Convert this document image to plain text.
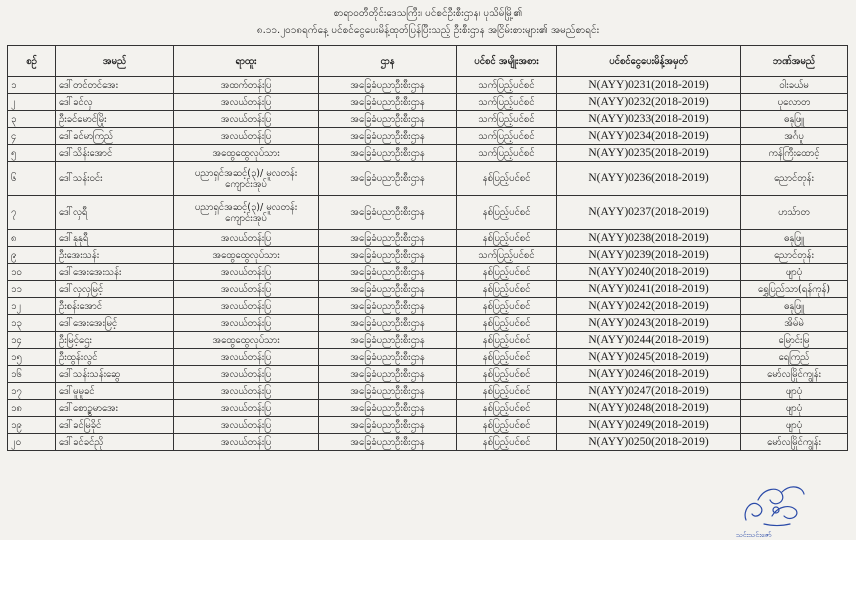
စာရာဝတီတိုင်းဒေသကြီး၊ ပင်စင်ဦးစီးဌာန၊ ပုသိမ်မြို့၏
၈.၁၁.၂၀၁၈ရက်နေ့ ပင်စင်ငွေပေးမိန့်ထုတ်ပြန်ပြီးသည့် ဦးစီးဌာန အငြိမ်းစားများ၏ အမည်စာရင်း
စဉ်	အမည်	ရာထူး	ဌာန	ပင်စင် အမျိုးအစား	ပင်စင်ငွေပေးမိန့်အမှတ်	ဘဏ်အမည်
၁	ဒေါ်တင်တင်အေး	အထက်တန်းပြ	အခြေခံပညာဦးစီးဌာန	သက်ပြည့်ပင်စင်	N(AYY)0231(2018-2019)	ဝါးခယ်မ
၂	ဒေါ်ခင်လှ	အလယ်တန်းပြ	အခြေခံပညာဦးစီးဌာန	သက်ပြည့်ပင်စင်	N(AYY)0232(2018-2019)	ပုလောတ
၃	ဦးခင်မောင်မြိုး	အလယ်တန်းပြ	အခြေခံပညာဦးစီးဌာန	သက်ပြည့်ပင်စင်	N(AYY)0233(2018-2019)	ဓနုဖြူ
၄	ဒေါ်ခင်မာကြည်	အလယ်တန်းပြ	အခြေခံပညာဦးစီးဌာန	သက်ပြည့်ပင်စင်	N(AYY)0234(2018-2019)	အင်္ဂပူ
၅	ဒေါ်သိန်းအောင်	အထွေထွေလုပ်သား	အခြေခံပညာဦးစီးဌာန	သက်ပြည့်ပင်စင်	N(AYY)0235(2018-2019)	ကန်ကြီးထောင့်
၆	ဒေါ်သန်းဝင်း	ပညာရှင်အဆင့်(၃)/ မူလတန်းကျောင်းအုပ်	အခြေခံပညာဦးစီးဌာန	နစ်ပြည့်ပင်စင်	N(AYY)0236(2018-2019)	ညောင်တုန်း
၇	ဒေါ်လှရီ	ပညာရှင်အဆင့်(၃)/ မူလတန်းကျောင်းအုပ်	အခြေခံပညာဦးစီးဌာန	နစ်ပြည့်ပင်စင်	N(AYY)0237(2018-2019)	ဟသ်ာတ
၈	ဒေါ်နုနုရီ	အလယ်တန်းပြ	အခြေခံပညာဦးစီးဌာန	နစ်ပြည့်ပင်စင်	N(AYY)0238(2018-2019)	ဓနုဖြူ
၉	ဦးအေးသန်း	အထွေထွေလုပ်သား	အခြေခံပညာဦးစီးဌာန	သက်ပြည့်ပင်စင်	N(AYY)0239(2018-2019)	ညောင်တုန်း
၁၀	ဒေါ်အေးအေးသန်း	အလယ်တန်းပြ	အခြေခံပညာဦးစီးဌာန	နစ်ပြည့်ပင်စင်	N(AYY)0240(2018-2019)	ဖျာပုံ
၁၁	ဒေါ်လှလှမြင့်	အလယ်တန်းပြ	အခြေခံပညာဦးစီးဌာန	နစ်ပြည့်ပင်စင်	N(AYY)0241(2018-2019)	ရွှေပြည်သာ(ရန်ကုန်)
၁၂	ဦးစန်းအောင်	အလယ်တန်းပြ	အခြေခံပညာဦးစီးဌာန	နစ်ပြည့်ပင်စင်	N(AYY)0242(2018-2019)	ဓနုဖြူ
၁၃	ဒေါ်အေးအေးမြင့်	အလယ်တန်းပြ	အခြေခံပညာဦးစီးဌာန	နစ်ပြည့်ပင်စင်	N(AYY)0243(2018-2019)	အိမ်မဲ
၁၄	ဦးမြင့်ဌေး	အထွေထွေလုပ်သား	အခြေခံပညာဦးစီးဌာန	နစ်ပြည့်ပင်စင်	N(AYY)0244(2018-2019)	မြောင်းမြ
၁၅	ဦးထွန်းလွင်	အလယ်တန်းပြ	အခြေခံပညာဦးစီးဌာန	နစ်ပြည့်ပင်စင်	N(AYY)0245(2018-2019)	ရေကြည်
၁၆	ဒေါ်သန်းသန်းဆွေ	အလယ်တန်းပြ	အခြေခံပညာဦးစီးဌာန	နစ်ပြည့်ပင်စင်	N(AYY)0246(2018-2019)	မော်လမြိုင်ကျွန်း
၁၇	ဒေါ်မူမူခင်	အလယ်တန်းပြ	အခြေခံပညာဦးစီးဌာန	နစ်ပြည့်ပင်စင်	N(AYY)0247(2018-2019)	ဖျာပုံ
၁၈	ဒေါ်စောဉ္စမာအေး	အလယ်တန်းပြ	အခြေခံပညာဦးစီးဌာန	နစ်ပြည့်ပင်စင်	N(AYY)0248(2018-2019)	ဖျာပုံ
၁၉	ဒေါ်ခင်မြခိုင်	အလယ်တန်းပြ	အခြေခံပညာဦးစီးဌာန	နစ်ပြည့်ပင်စင်	N(AYY)0249(2018-2019)	ဖျာပုံ
၂၀	ဒေါ်ခင်ခင်ညို	အလယ်တန်းပြ	အခြေခံပညာဦးစီးဌာန	နစ်ပြည့်ပင်စင်	N(AYY)0250(2018-2019)	မော်လမြိုင်ကျွန်း
သင်းသင်းဇော်
